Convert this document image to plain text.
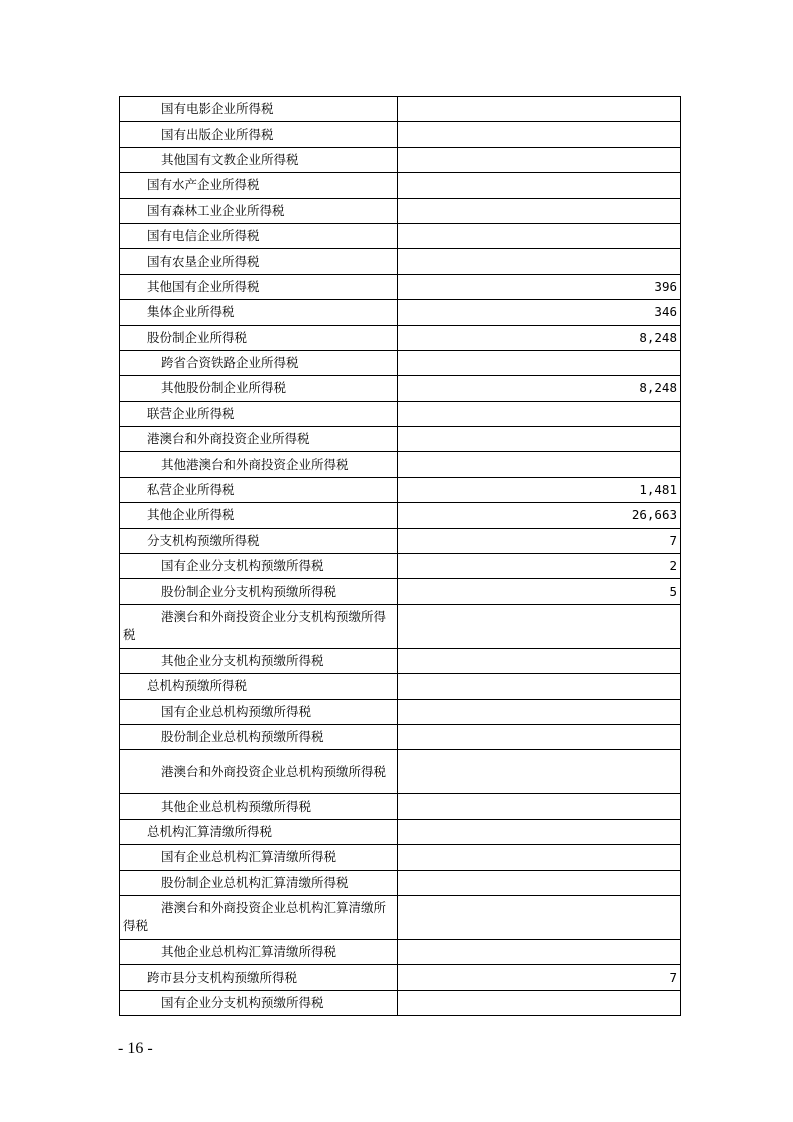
国有电影企业所得税	
国有出版企业所得税	
其他国有文教企业所得税	
国有水产企业所得税	
国有森林工业企业所得税	
国有电信企业所得税	
国有农垦企业所得税	
其他国有企业所得税	396
集体企业所得税	346
股份制企业所得税	8,248
跨省合资铁路企业所得税	
其他股份制企业所得税	8,248
联营企业所得税	
港澳台和外商投资企业所得税	
其他港澳台和外商投资企业所得税	
私营企业所得税	1,481
其他企业所得税	26,663
分支机构预缴所得税	7
国有企业分支机构预缴所得税	2
股份制企业分支机构预缴所得税	5
港澳台和外商投资企业分支机构预缴所得税	
其他企业分支机构预缴所得税	
总机构预缴所得税	
国有企业总机构预缴所得税	
股份制企业总机构预缴所得税	
港澳台和外商投资企业总机构预缴所得税	
其他企业总机构预缴所得税	
总机构汇算清缴所得税	
国有企业总机构汇算清缴所得税	
股份制企业总机构汇算清缴所得税	
港澳台和外商投资企业总机构汇算清缴所得税	
其他企业总机构汇算清缴所得税	
跨市县分支机构预缴所得税	7
国有企业分支机构预缴所得税	
- 16 -
